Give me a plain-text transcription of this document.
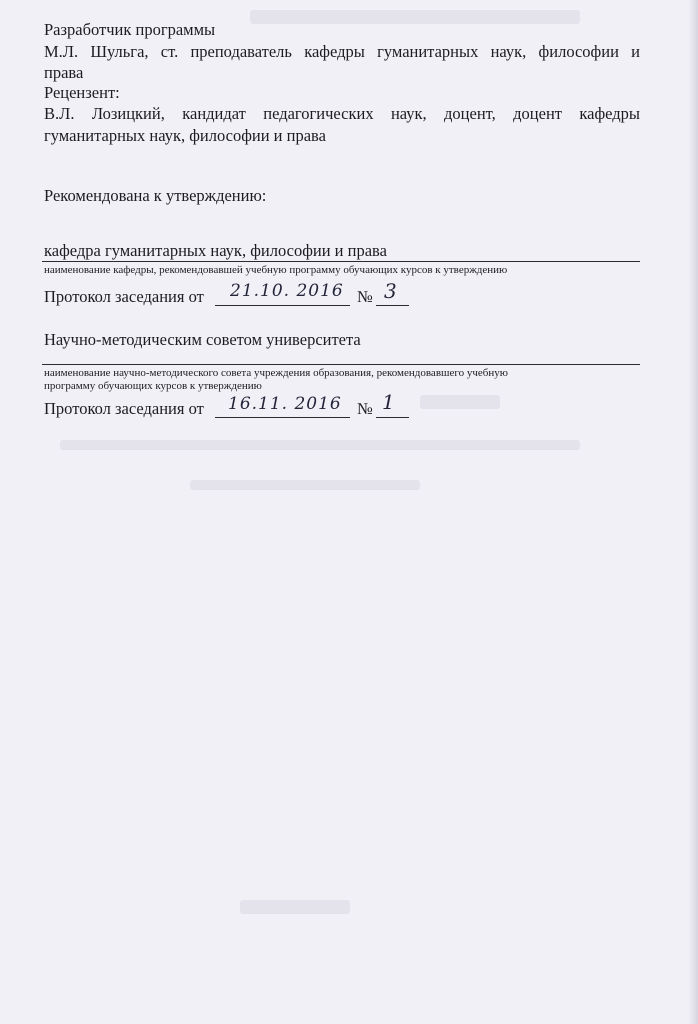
Разработчик программы
М.Л. Шульга, ст. преподаватель кафедры гуманитарных наук, философии и
права
Рецензент:
В.Л. Лозицкий, кандидат педагогических наук, доцент, доцент кафедры
гуманитарных наук, философии и права
Рекомендована к утверждению:
кафедра гуманитарных наук, философии и права
наименование кафедры, рекомендовавшей учебную программу обучающих курсов к утверждению
Протокол заседания от 21.10. 2016 № 3
Научно-методическим советом университета
наименование научно-методического совета учреждения образования, рекомендовавшего учебную
программу обучающих курсов к утверждению
Протокол заседания от 16.11. 2016 № 1
